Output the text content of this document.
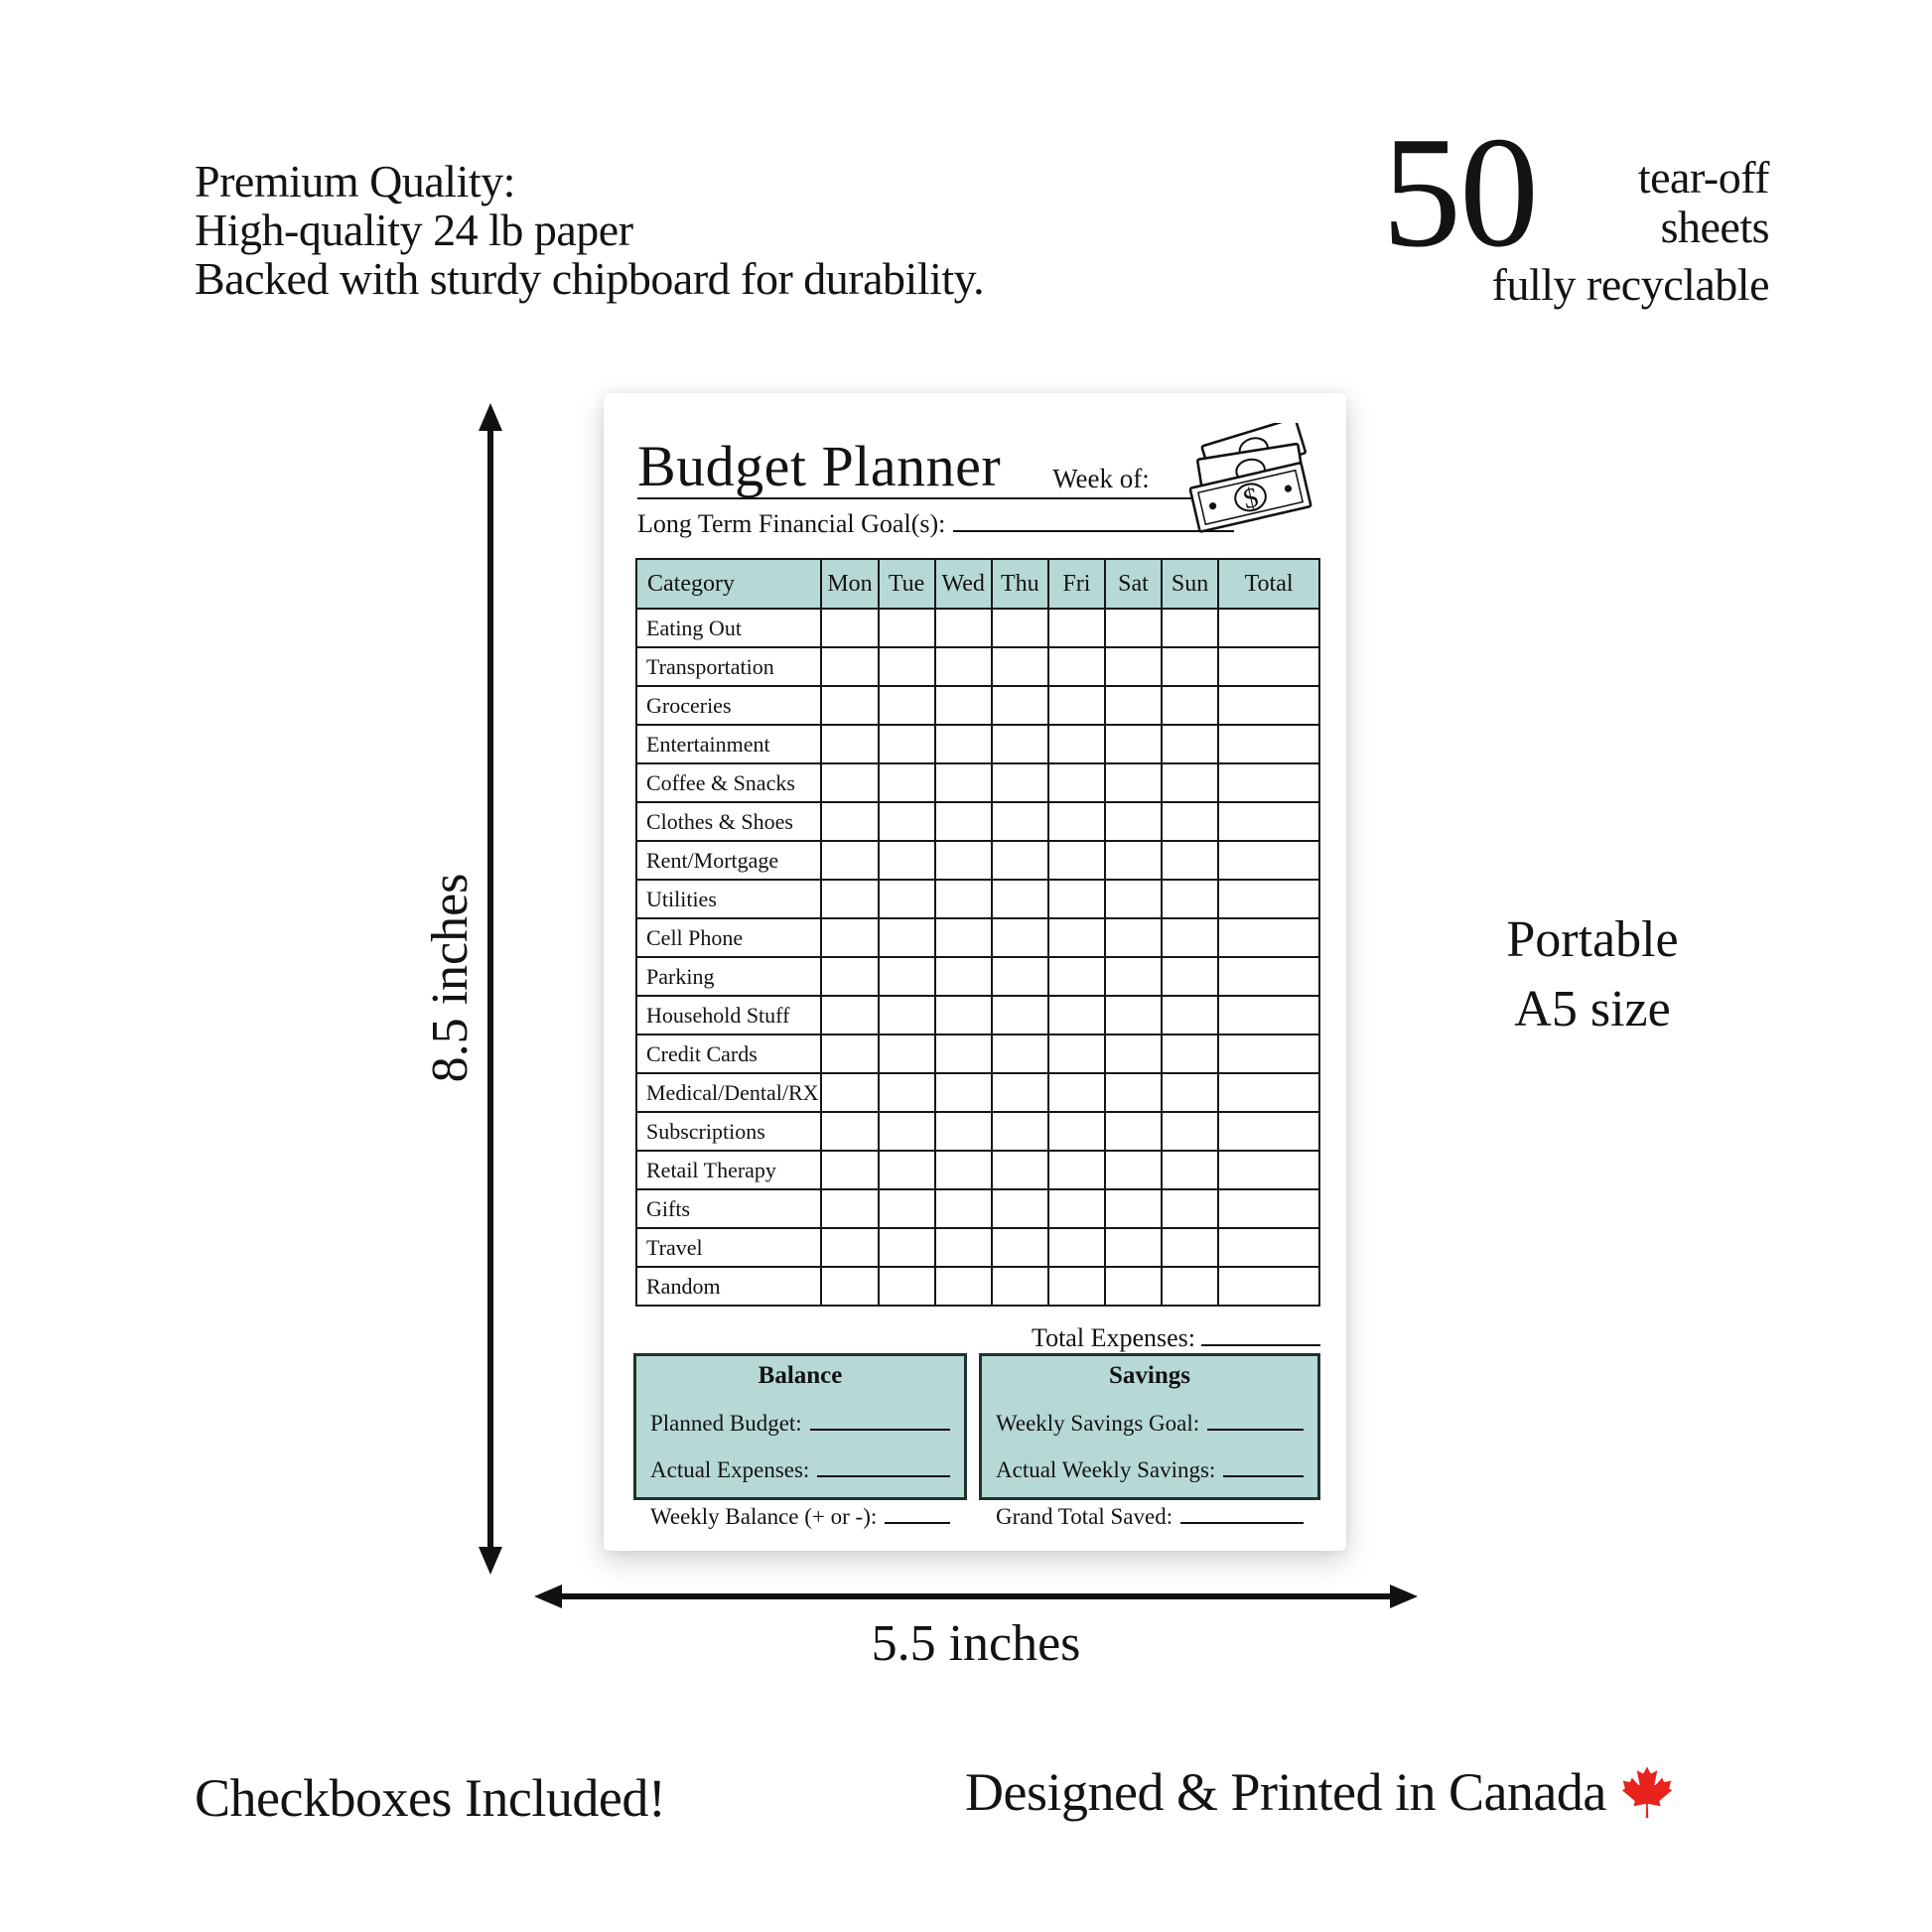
Premium Quality:
High-quality 24 lb paper
Backed with sturdy chipboard for durability.	50 tear-off
sheets
fully recyclable
8.5 inches
5.5 inches
Portable
A5 size
Budget Planner Week of:
Long Term Financial Goal(s):
$
Category	Mon	Tue	Wed	Thu	Fri	Sat	Sun	Total
Eating Out								
Transportation								
Groceries								
Entertainment								
Coffee & Snacks								
Clothes & Shoes								
Rent/Mortgage								
Utilities								
Cell Phone								
Parking								
Household Stuff								
Credit Cards								
Medical/Dental/RX								
Subscriptions								
Retail Therapy								
Gifts								
Travel								
Random								
Total Expenses:
Balance
Planned Budget:
Actual Expenses:
Weekly Balance (+ or -):
Savings
Weekly Savings Goal:
Actual Weekly Savings:
Grand Total Saved:
Checkboxes Included!	Designed & Printed in Canada
